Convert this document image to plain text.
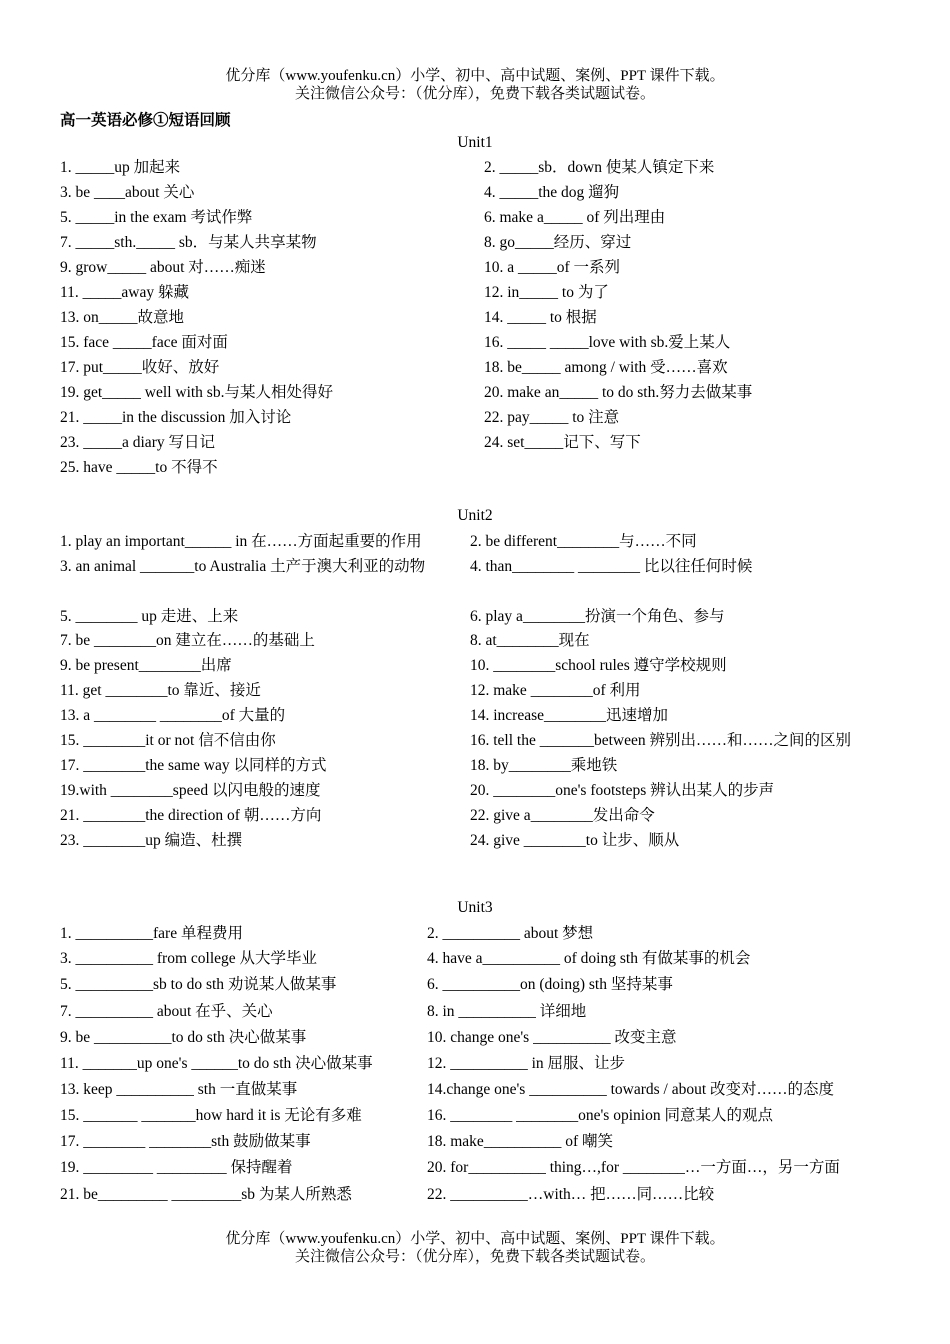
优分库（www.youfenku.cn）小学、初中、高中试题、案例、PPT 课件下载。
关注微信公众号：（优分库），免费下载各类试题试卷。
高一英语必修①短语回顾
Unit1
1. _____up 加起来	2. _____sb．down 使某人镇定下来
3. be ____about 关心	4. _____the dog 遛狗
5. _____in the exam 考试作弊	6. make a_____ of 列出理由
7. _____sth._____ sb．与某人共享某物	8. go_____经历、穿过
9. grow_____ about 对……痴迷	10. a _____of 一系列
11. _____away 躲藏	12. in_____ to 为了
13. on_____故意地	14. _____ to 根据
15. face _____face 面对面	16. _____ _____love with sb.爱上某人
17. put_____收好、放好	18. be_____ among / with 受……喜欢
19. get_____ well with sb.与某人相处得好	20. make an_____ to do sth.努力去做某事
21. _____in the discussion 加入讨论	22. pay_____ to 注意
23. _____a diary 写日记	24. set_____记下、写下
25. have _____to 不得不
Unit2
1. play an important______ in 在……方面起重要的作用	2. be different________与……不同
3. an animal _______to Australia 土产于澳大利亚的动物	4. than________ ________ 比以往任何时候
5. ________ up 走进、上来	6. play a________扮演一个角色、参与
7. be ________on 建立在……的基础上	8. at________现在
9. be present________出席	10. ________school rules 遵守学校规则
11. get ________to 靠近、接近	12. make ________of 利用
13. a ________ ________of 大量的	14. increase________迅速增加
15. ________it or not 信不信由你	16. tell the _______between 辨别出……和……之间的区别
17. ________the same way 以同样的方式	18. by________乘地铁
19.with ________speed 以闪电般的速度	20. ________one's footsteps 辨认出某人的步声
21. ________the direction of 朝……方向	22. give a________发出命令
23. ________up 编造、杜撰	24. give ________to 让步、顺从
Unit3
1. __________fare 单程费用	2. __________ about 梦想
3. __________ from college 从大学毕业	4. have a__________ of doing sth 有做某事的机会
5. __________sb to do sth 劝说某人做某事	6. __________on (doing) sth 坚持某事
7. __________ about 在乎、关心	8. in __________ 详细地
9. be __________to do sth 决心做某事	10. change one's __________ 改变主意
11. _______up one's ______to do sth 决心做某事	12. __________ in 屈服、让步
13. keep __________ sth 一直做某事	14.change one's __________ towards / about 改变对……的态度
15. _______ _______how hard it is 无论有多难	16. ________ ________one's opinion 同意某人的观点
17. ________ ________sth 鼓励做某事	18. make__________ of 嘲笑
19. _________ _________ 保持醒着	20. for__________ thing…,for ________…一方面…，另一方面
21. be_________ _________sb 为某人所熟悉	22. __________…with… 把……同……比较
优分库（www.youfenku.cn）小学、初中、高中试题、案例、PPT 课件下载。
关注微信公众号：（优分库），免费下载各类试题试卷。
